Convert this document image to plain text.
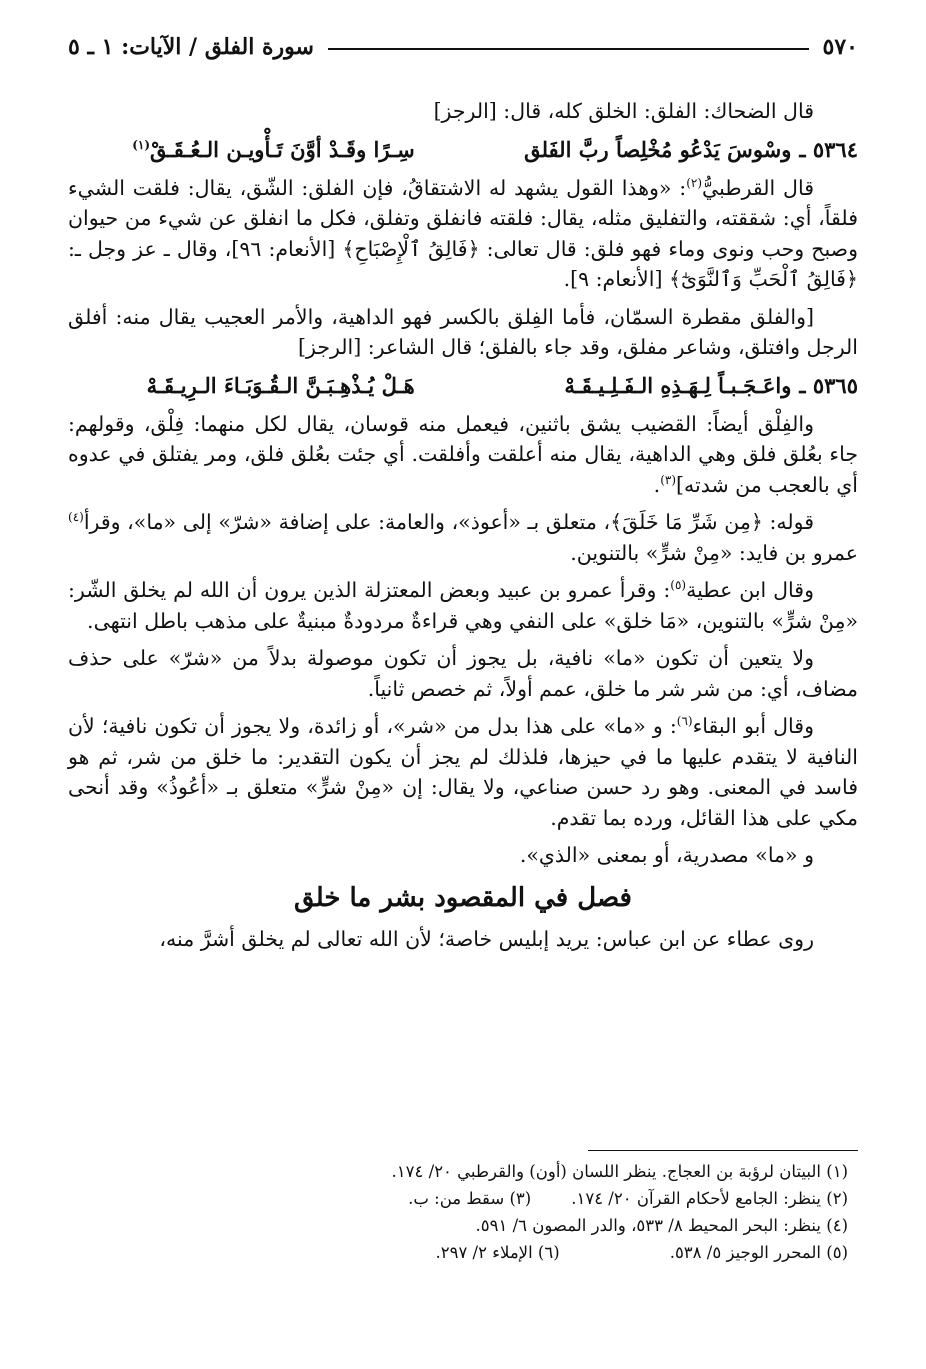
٥٧٠
سورة الفلق / الآيات: ١ ـ ٥

قال الضحاك: الفلق: الخلق كله، قال: [الرجز]

٥٣٦٤ ـ
وسْوسَ يَدْعُو مُخْلِصاً ربَّ الفَلق
سِـرًا وقَـدْ أوَّنَ تَـأْويـن الـعُـقَـقْ$^{(١)}$

قال القرطبيُّ$^{(٢)}$: «وهذا القول يشهد له الاشتقاقُ، فإن الفلق: الشّق، يقال: فلقت الشيء فلقاً، أي: شققته، والتفليق مثله، يقال: فلقته فانفلق وتفلق، فكل ما انفلق عن شيء من حيوان وصبح وحب ونوى وماء فهو فلق: قال تعالى: ﴿فَالِقُ ٱلْإِصْبَاحِ﴾ [الأنعام: ٩٦]، وقال ـ عز وجل ـ: ﴿فَالِقُ ٱلْحَبِّ وَٱلنَّوَىٰٓ﴾ [الأنعام: ٩].

[والفلق مقطرة السمّان، فأما الفِلق بالكسر فهو الداهية، والأمر العجيب يقال منه: أفلق الرجل وافتلق، وشاعر مفلق، وقد جاء بالفلق؛ قال الشاعر: [الرجز]

٥٣٦٥ ـ
واعَـجَـبـاً لِـهَـذِهِ الـفَـلِـيـقَـهْ
هَـلْ يُـذْهِـبَـنَّ الـقُـوَبَـاءَ الـرِيـقَـهْ

والفِلْق أيضاً: القضيب يشق باثنين، فيعمل منه قوسان، يقال لكل منهما: فِلْق، وقولهم: جاء بعُلق فلق وهي الداهية، يقال منه أعلقت وأفلقت. أي جئت بعُلق فلق، ومر يفتلق في عدوه أي بالعجب من شدته]$^{(٣)}$.

قوله: ﴿مِن شَرِّ مَا خَلَقَ﴾، متعلق بـ «أعوذ»، والعامة: على إضافة «شرّ» إلى «ما»، وقرأ$^{(٤)}$ عمرو بن فايد: «مِنْ شرٍّ» بالتنوين.

وقال ابن عطية$^{(٥)}$: وقرأ عمرو بن عبيد وبعض المعتزلة الذين يرون أن الله لم يخلق الشّر: «مِنْ شرٍّ» بالتنوين، «مَا خلق» على النفي وهي قراءةٌ مردودةٌ مبنيةٌ على مذهب باطل انتهى.

ولا يتعين أن تكون «ما» نافية، بل يجوز أن تكون موصولة بدلاً من «شرّ» على حذف مضاف، أي: من شر شر ما خلق، عمم أولاً، ثم خصص ثانياً.

وقال أبو البقاء$^{(٦)}$: و «ما» على هذا بدل من «شر»، أو زائدة، ولا يجوز أن تكون نافية؛ لأن النافية لا يتقدم عليها ما في حيزها، فلذلك لم يجز أن يكون التقدير: ما خلق من شر، ثم هو فاسد في المعنى. وهو رد حسن صناعي، ولا يقال: إن «مِنْ شرٍّ» متعلق بـ «أعُوذُ» وقد أنحى مكي على هذا القائل، ورده بما تقدم.

و «ما» مصدرية، أو بمعنى «الذي».

فصل في المقصود بشر ما خلق

روى عطاء عن ابن عباس: يريد إبليس خاصة؛ لأن الله تعالى لم يخلق أشرَّ منه،

(١) البيتان لرؤبة بن العجاج. ينظر اللسان (أون) والقرطبي ٢٠/ ١٧٤.
(٢) ينظر: الجامع لأحكام القرآن ٢٠/ ١٧٤.(٣) سقط من: ب.
(٤) ينظر: البحر المحيط ٨/ ٥٣٣، والدر المصون ٦/ ٥٩١.
(٥) المحرر الوجيز ٥/ ٥٣٨.(٦) الإملاء ٢/ ٢٩٧.
